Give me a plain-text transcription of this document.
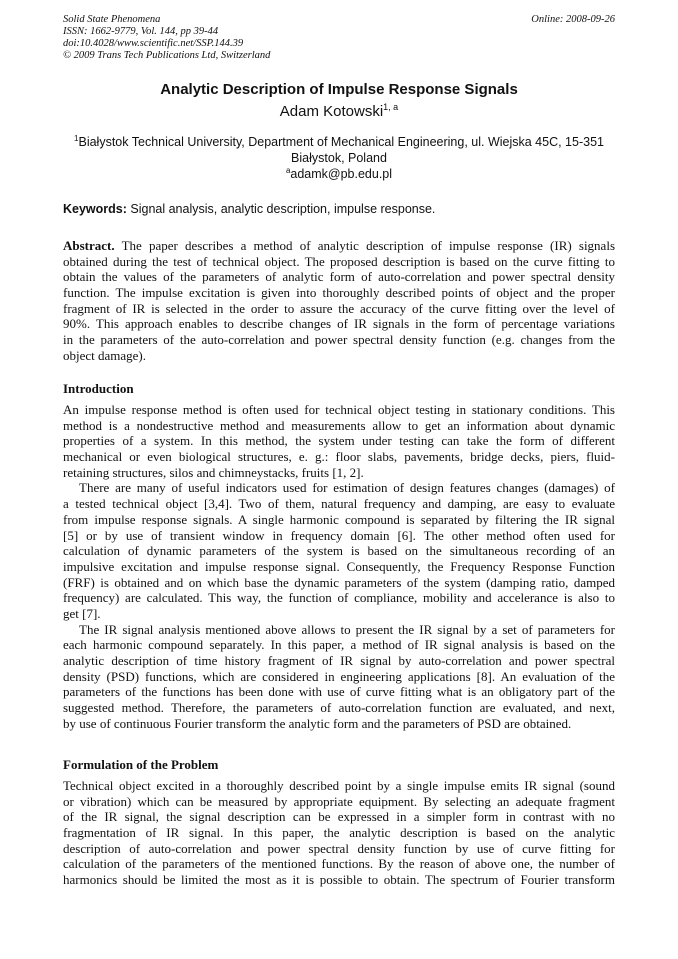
Solid State Phenomena
ISSN: 1662-9779, Vol. 144, pp 39-44
doi:10.4028/www.scientific.net/SSP.144.39
© 2009 Trans Tech Publications Ltd, Switzerland
Online: 2008-09-26
Analytic Description of Impulse Response Signals
Adam Kotowski$^{1, a}$
$^1$Białystok Technical University, Department of Mechanical Engineering, ul. Wiejska 45C, 15-351
Białystok, Poland
$^a$adamk@pb.edu.pl
Keywords: Signal analysis, analytic description, impulse response.
Abstract. The paper describes a method of analytic description of impulse response (IR) signals
obtained during the test of technical object. The proposed description is based on the curve fitting to
obtain the values of the parameters of analytic form of auto-correlation and power spectral density
function. The impulse excitation is given into thoroughly described points of object and the proper
fragment of IR is selected in the order to assure the accuracy of the curve fitting over the level of
90%. This approach enables to describe changes of IR signals in the form of percentage variations
in the parameters of the auto-correlation and power spectral density function (e.g. changes from the
object damage).
Introduction
An impulse response method is often used for technical object testing in stationary conditions. This
method is a nondestructive method and measurements allow to get an information about dynamic
properties of a system. In this method, the system under testing can take the form of different
mechanical or even biological structures, e. g.: floor slabs, pavements, bridge decks, piers, fluid-
retaining structures, silos and chimneystacks, fruits [1, 2].
There are many of useful indicators used for estimation of design features changes (damages) of
a tested technical object [3,4]. Two of them, natural frequency and damping, are easy to evaluate
from impulse response signals. A single harmonic compound is separated by filtering the IR signal
[5] or by use of transient window in frequency domain [6]. The other method often used for
calculation of dynamic parameters of the system is based on the simultaneous recording of an
impulsive excitation and impulse response signal. Consequently, the Frequency Response Function
(FRF) is obtained and on which base the dynamic parameters of the system (damping ratio, damped
frequency) are calculated. This way, the function of compliance, mobility and accelerance is also to
get [7].
The IR signal analysis mentioned above allows to present the IR signal by a set of parameters for
each harmonic compound separately. In this paper, a method of IR signal analysis is based on the
analytic description of time history fragment of IR signal by auto-correlation and power spectral
density (PSD) functions, which are considered in engineering applications [8]. An evaluation of the
parameters of the functions has been done with use of curve fitting what is an obligatory part of the
suggested method. Therefore, the parameters of auto-correlation function are evaluated, and next,
by use of continuous Fourier transform the analytic form and the parameters of PSD are obtained.
Formulation of the Problem
Technical object excited in a thoroughly described point by a single impulse emits IR signal (sound
or vibration) which can be measured by appropriate equipment. By selecting an adequate fragment
of the IR signal, the signal description can be expressed in a simpler form in contrast with no
fragmentation of IR signal. In this paper, the analytic description is based on the analytic
description of auto-correlation and power spectral density function by use of curve fitting for
calculation of the parameters of the mentioned functions. By the reason of above one, the number of
harmonics should be limited the most as it is possible to obtain. The spectrum of Fourier transform
